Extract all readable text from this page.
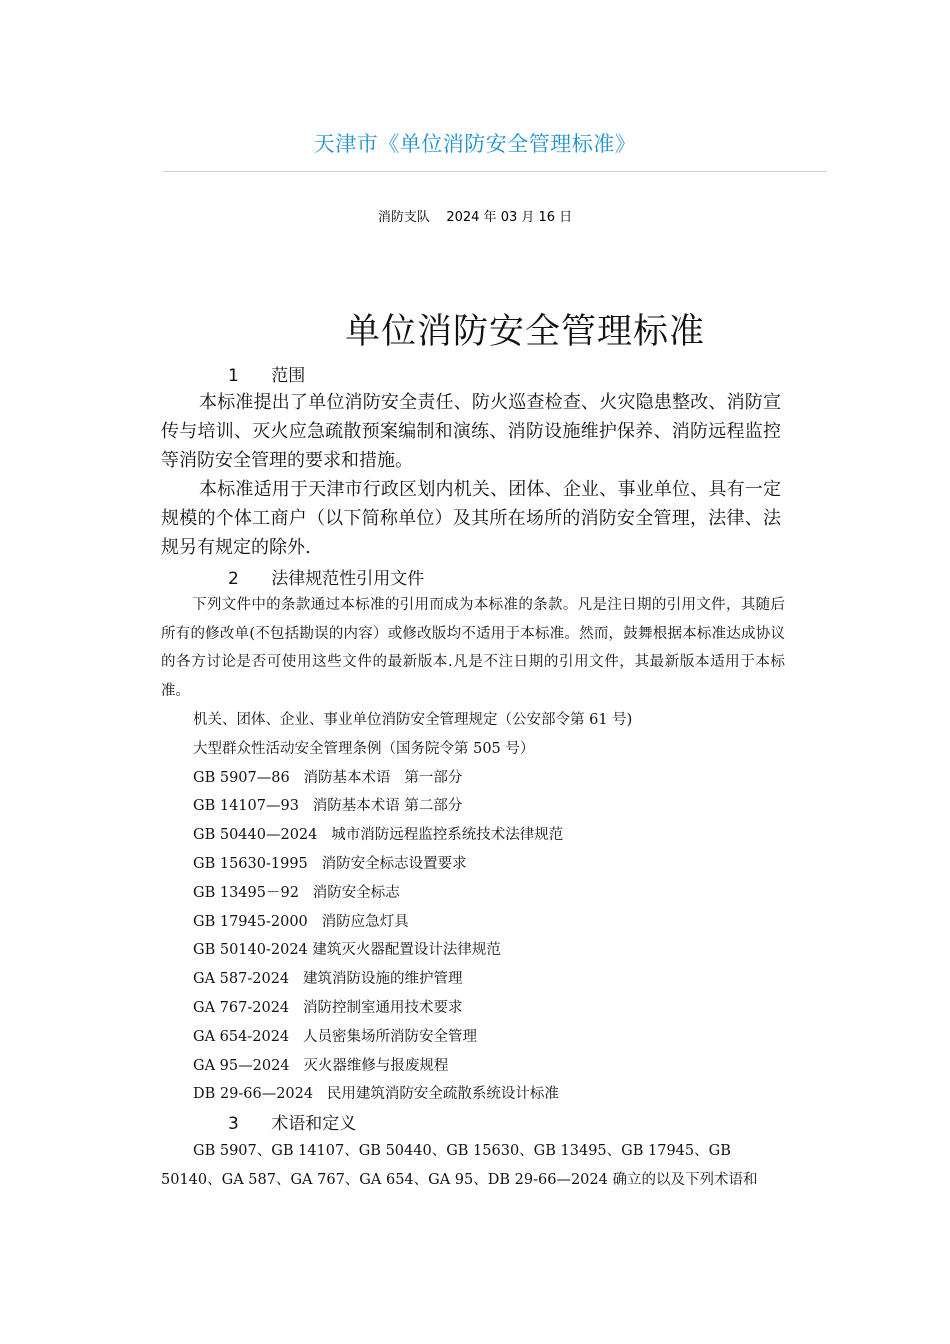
天津市《单位消防安全管理标准》
消防支队    2024 年 03 月 16 日
单位消防安全管理标准
1      范围

本标准提出了单位消防安全责任、防火巡查检查、火灾隐患整改、消防宣传与培训、灭火应急疏散预案编制和演练、消防设施维护保养、消防远程监控等消防安全管理的要求和措施。

本标准适用于天津市行政区划内机关、团体、企业、事业单位、具有一定规模的个体工商户（以下简称单位）及其所在场所的消防安全管理，法律、法规另有规定的除外.

2      法律规范性引用文件

下列文件中的条款通过本标准的引用而成为本标准的条款。凡是注日期的引用文件，其随后所有的修改单(不包括勘误的内容）或修改版均不适用于本标准。然而，鼓舞根据本标准达成协议的各方讨论是否可使用这些文件的最新版本.凡是不注日期的引用文件，其最新版本适用于本标准。

机关、团体、企业、事业单位消防安全管理规定（公安部令第 61 号)
大型群众性活动安全管理条例（国务院令第 505 号）
GB 5907—86   消防基本术语   第一部分
GB 14107—93   消防基本术语 第二部分
GB 50440—2024   城市消防远程监控系统技术法律规范
GB 15630-1995   消防安全标志设置要求
GB 13495－92   消防安全标志
GB 17945-2000   消防应急灯具
GB 50140-2024 建筑灭火器配置设计法律规范
GA 587-2024   建筑消防设施的维护管理
GA 767-2024   消防控制室通用技术要求
GA 654-2024   人员密集场所消防安全管理
GA 95—2024   灭火器维修与报废规程
DB 29-66—2024   民用建筑消防安全疏散系统设计标准
3      术语和定义

GB 5907、GB 14107、GB 50440、GB 15630、GB 13495、GB 17945、GB 50140、GA 587、GA 767、GA 654、GA 95、DB 29-66—2024 确立的以及下列术语和
